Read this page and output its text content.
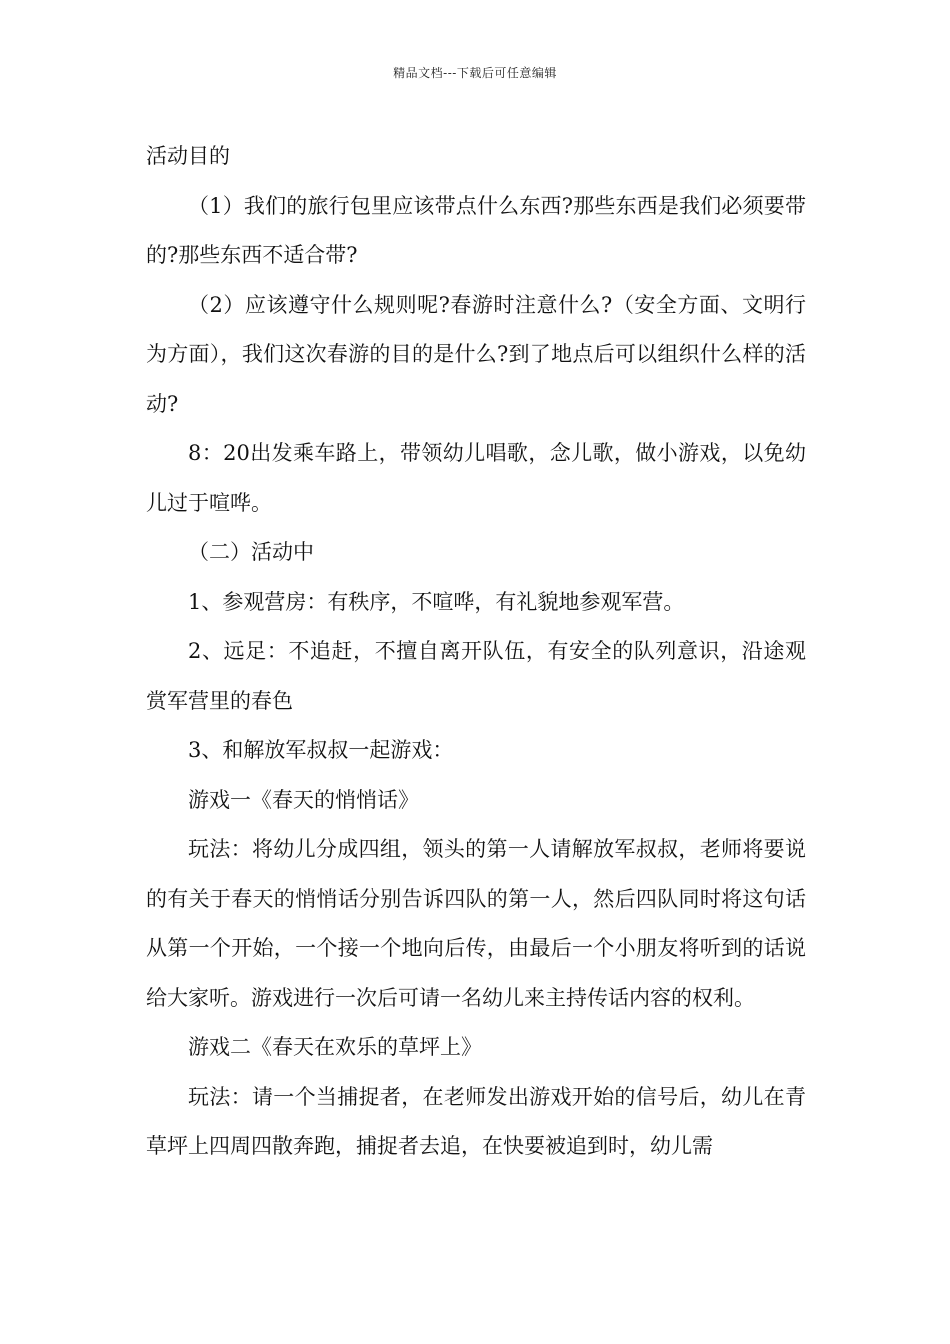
精品文档---下载后可任意编辑

活动目的

（1）我们的旅行包里应该带点什么东西?那些东西是我们必须要带的?那些东西不适合带?

（2）应该遵守什么规则呢?春游时注意什么?（安全方面、文明行为方面），我们这次春游的目的是什么?到了地点后可以组织什么样的活动?

8：20出发乘车路上，带领幼儿唱歌，念儿歌，做小游戏，以免幼儿过于喧哗。

（二）活动中

1、参观营房：有秩序，不喧哗，有礼貌地参观军营。

2、远足：不追赶，不擅自离开队伍，有安全的队列意识，沿途观赏军营里的春色

3、和解放军叔叔一起游戏：

游戏一《春天的悄悄话》

玩法：将幼儿分成四组，领头的第一人请解放军叔叔，老师将要说的有关于春天的悄悄话分别告诉四队的第一人，然后四队同时将这句话从第一个开始，一个接一个地向后传，由最后一个小朋友将听到的话说给大家听。游戏进行一次后可请一名幼儿来主持传话内容的权利。

游戏二《春天在欢乐的草坪上》

玩法：请一个当捕捉者，在老师发出游戏开始的信号后，幼儿在青草坪上四周四散奔跑，捕捉者去追，在快要被追到时，幼儿需
